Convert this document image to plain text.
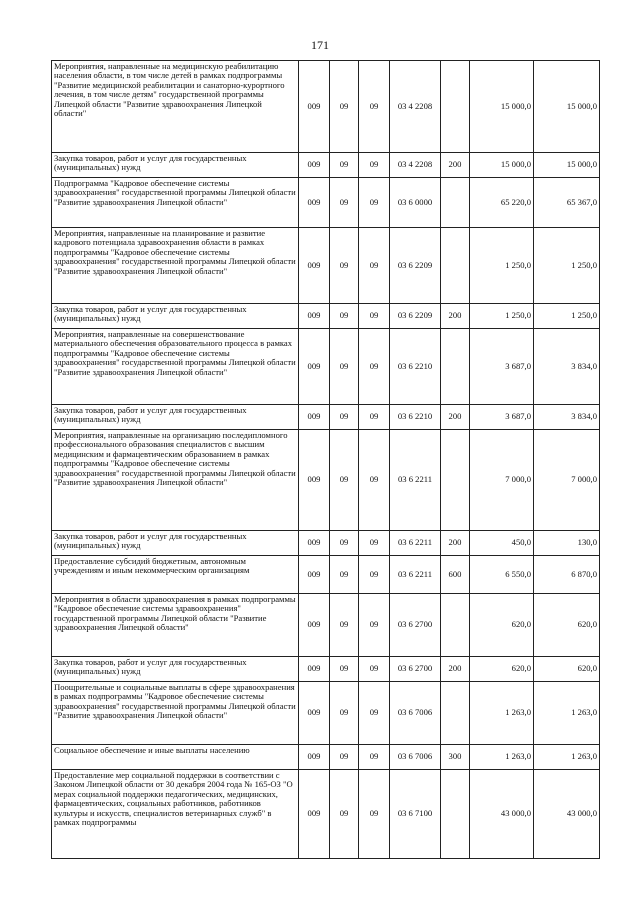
171
Мероприятия, направленные на медицинскую реабилитацию населения области, в том числе детей в рамках подпрограммы "Развитие медицинской реабилитации и санаторно-курортного лечения, в том числе детям" государственной программы Липецкой области "Развитие здравоохранения Липецкой области"	009	09	09	03 4 2208		15 000,0	15 000,0
Закупка товаров, работ и услуг для государственных (муниципальных) нужд	009	09	09	03 4 2208	200	15 000,0	15 000,0
Подпрограмма "Кадровое обеспечение системы здравоохранения" государственной программы Липецкой области "Развитие здравоохранения Липецкой области"	009	09	09	03 6 0000		65 220,0	65 367,0
Мероприятия, направленные на планирование и развитие кадрового потенциала здравоохранения области в рамках подпрограммы "Кадровое обеспечение системы здравоохранения" государственной программы Липецкой области "Развитие здравоохранения Липецкой области"	009	09	09	03 6 2209		1 250,0	1 250,0
Закупка товаров, работ и услуг для государственных (муниципальных) нужд	009	09	09	03 6 2209	200	1 250,0	1 250,0
Мероприятия, направленные на совершенствование материального обеспечения образовательного процесса в рамках подпрограммы "Кадровое обеспечение системы здравоохранения" государственной программы Липецкой области "Развитие здравоохранения Липецкой области"	009	09	09	03 6 2210		3 687,0	3 834,0
Закупка товаров, работ и услуг для государственных (муниципальных) нужд	009	09	09	03 6 2210	200	3 687,0	3 834,0
Мероприятия, направленные на организацию последипломного профессионального образования специалистов с высшим медицинским и фармацевтическим образованием в рамках подпрограммы "Кадровое обеспечение системы здравоохранения" государственной программы Липецкой области "Развитие здравоохранения Липецкой области"	009	09	09	03 6 2211		7 000,0	7 000,0
Закупка товаров, работ и услуг для государственных (муниципальных) нужд	009	09	09	03 6 2211	200	450,0	130,0
Предоставление субсидий бюджетным, автономным учреждениям и иным некоммерческим организациям	009	09	09	03 6 2211	600	6 550,0	6 870,0
Мероприятия в области здравоохранения в рамках подпрограммы "Кадровое обеспечение системы здравоохранения" государственной программы Липецкой области "Развитие здравоохранения Липецкой области"	009	09	09	03 6 2700		620,0	620,0
Закупка товаров, работ и услуг для государственных (муниципальных) нужд	009	09	09	03 6 2700	200	620,0	620,0
Поощрительные и социальные выплаты в сфере здравоохранения в рамках подпрограммы "Кадровое обеспечение системы здравоохранения" государственной программы Липецкой области "Развитие здравоохранения Липецкой области"	009	09	09	03 6 7006		1 263,0	1 263,0
Социальное обеспечение и иные выплаты населению	009	09	09	03 6 7006	300	1 263,0	1 263,0
Предоставление мер социальной поддержки в соответствии с Законом Липецкой области от 30 декабря 2004 года № 165-ОЗ "О мерах социальной поддержки педагогических, медицинских, фармацевтических, социальных работников, работников культуры и искусств, специалистов ветеринарных служб" в рамках подпрограммы	009	09	09	03 6 7100		43 000,0	43 000,0
